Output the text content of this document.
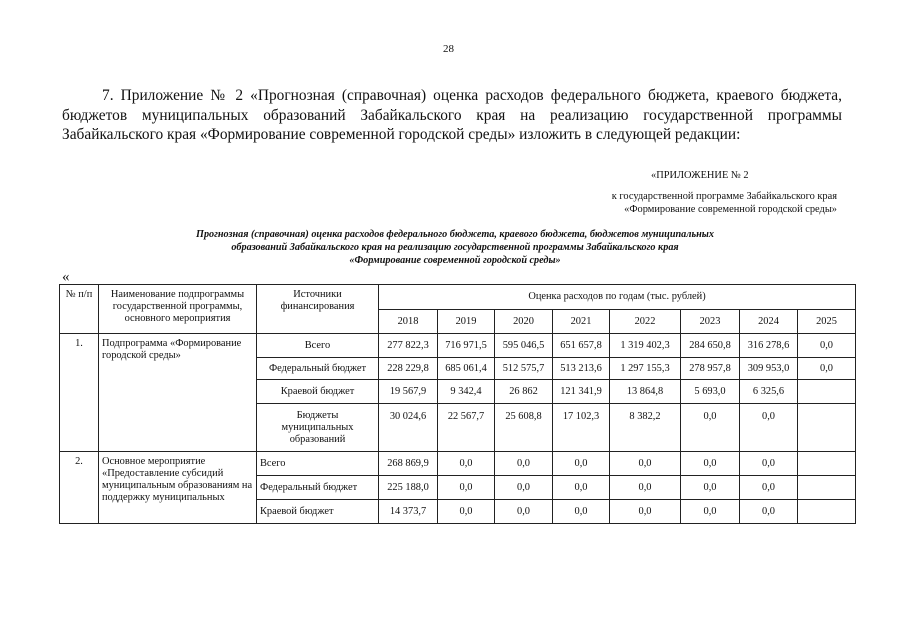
28
7. Приложение № 2 «Прогнозная (справочная) оценка расходов федерального бюджета, краевого бюджета, бюджетов муниципальных образований Забайкальского края на реализацию государственной программы Забайкальского края «Формирование современной городской среды» изложить в следующей редакции:
«ПРИЛОЖЕНИЕ № 2
к государственной программе Забайкальского края
«Формирование современной городской среды»
Прогнозная (справочная) оценка расходов федерального бюджета, краевого бюджета, бюджетов муниципальных
образований Забайкальского края на реализацию государственной программы Забайкальского края
«Формирование современной городской среды»
«
№ п/п	Наименование подпрограммы государственной программы, основного мероприятия	Источники финансирования	Оценка расходов по годам (тыс. рублей)							
			2018	2019	2020	2021	2022	2023	2024	2025
1.	Подпрограмма «Формирование городской среды»	Всего	277 822,3	716 971,5	595 046,5	651 657,8	1 319 402,3	284 650,8	316 278,6	0,0
		Федеральный бюджет	228 229,8	685 061,4	512 575,7	513 213,6	1 297 155,3	278 957,8	309 953,0	0,0
		Краевой бюджет	19 567,9	9 342,4	26 862	121 341,9	13 864,8	5 693,0	6 325,6	
		Бюджеты муниципальных образований	30 024,6	22 567,7	25 608,8	17 102,3	8 382,2	0,0	0,0	
2.	Основное мероприятие «Предоставление субсидий муниципальным образованиям на поддержку муниципальных	Всего	268 869,9	0,0	0,0	0,0	0,0	0,0	0,0	
		Федеральный бюджет	225 188,0	0,0	0,0	0,0	0,0	0,0	0,0	
		Краевой бюджет	14 373,7	0,0	0,0	0,0	0,0	0,0	0,0	
